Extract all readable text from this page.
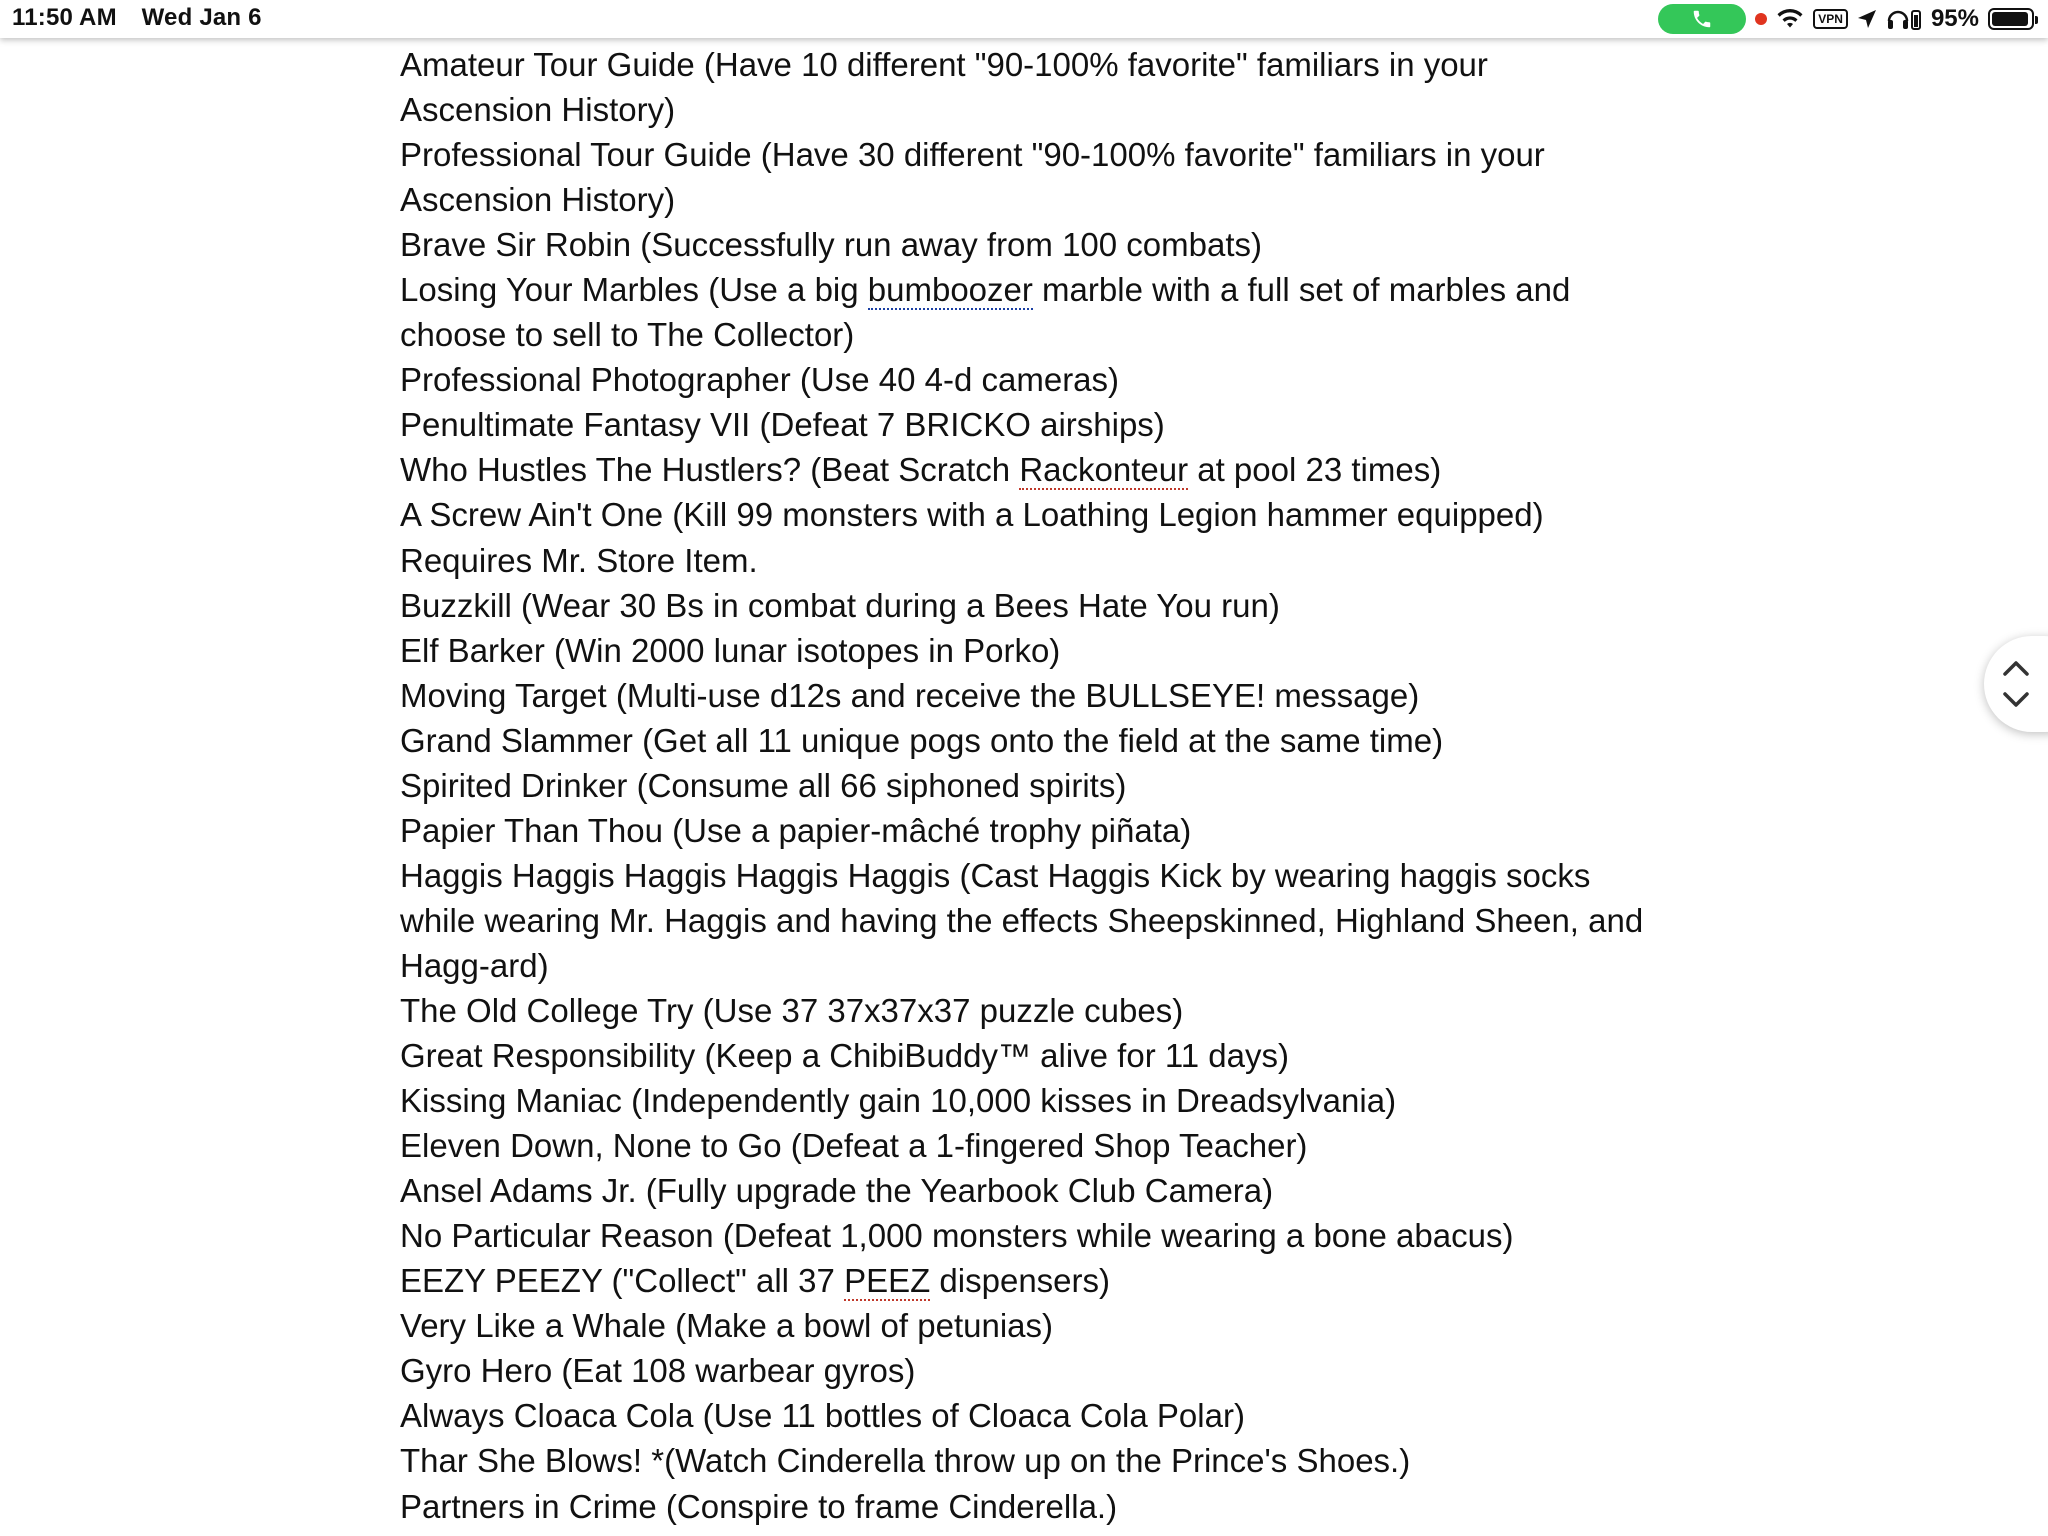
11:50 AM Wed Jan 6	VPN	95%
Amateur Tour Guide (Have 10 different "90-100% favorite" familiars in your
Ascension History)
Professional Tour Guide (Have 30 different "90-100% favorite" familiars in your
Ascension History)
Brave Sir Robin (Successfully run away from 100 combats)
Losing Your Marbles (Use a big bumboozer marble with a full set of marbles and
choose to sell to The Collector)
Professional Photographer (Use 40 4-d cameras)
Penultimate Fantasy VII (Defeat 7 BRICKO airships)
Who Hustles The Hustlers? (Beat Scratch Rackonteur at pool 23 times)
A Screw Ain't One (Kill 99 monsters with a Loathing Legion hammer equipped)
Requires Mr. Store Item.
Buzzkill (Wear 30 Bs in combat during a Bees Hate You run)
Elf Barker (Win 2000 lunar isotopes in Porko)
Moving Target (Multi-use d12s and receive the BULLSEYE! message)
Grand Slammer (Get all 11 unique pogs onto the field at the same time)
Spirited Drinker (Consume all 66 siphoned spirits)
Papier Than Thou (Use a papier-mâché trophy piñata)
Haggis Haggis Haggis Haggis Haggis (Cast Haggis Kick by wearing haggis socks
while wearing Mr. Haggis and having the effects Sheepskinned, Highland Sheen, and
Hagg-ard)
The Old College Try (Use 37 37x37x37 puzzle cubes)
Great Responsibility (Keep a ChibiBuddy™ alive for 11 days)
Kissing Maniac (Independently gain 10,000 kisses in Dreadsylvania)
Eleven Down, None to Go (Defeat a 1-fingered Shop Teacher)
Ansel Adams Jr. (Fully upgrade the Yearbook Club Camera)
No Particular Reason (Defeat 1,000 monsters while wearing a bone abacus)
EEZY PEEZY ("Collect" all 37 PEEZ dispensers)
Very Like a Whale (Make a bowl of petunias)
Gyro Hero (Eat 108 warbear gyros)
Always Cloaca Cola (Use 11 bottles of Cloaca Cola Polar)
Thar She Blows! *(Watch Cinderella throw up on the Prince's Shoes.)
Partners in Crime (Conspire to frame Cinderella.)
